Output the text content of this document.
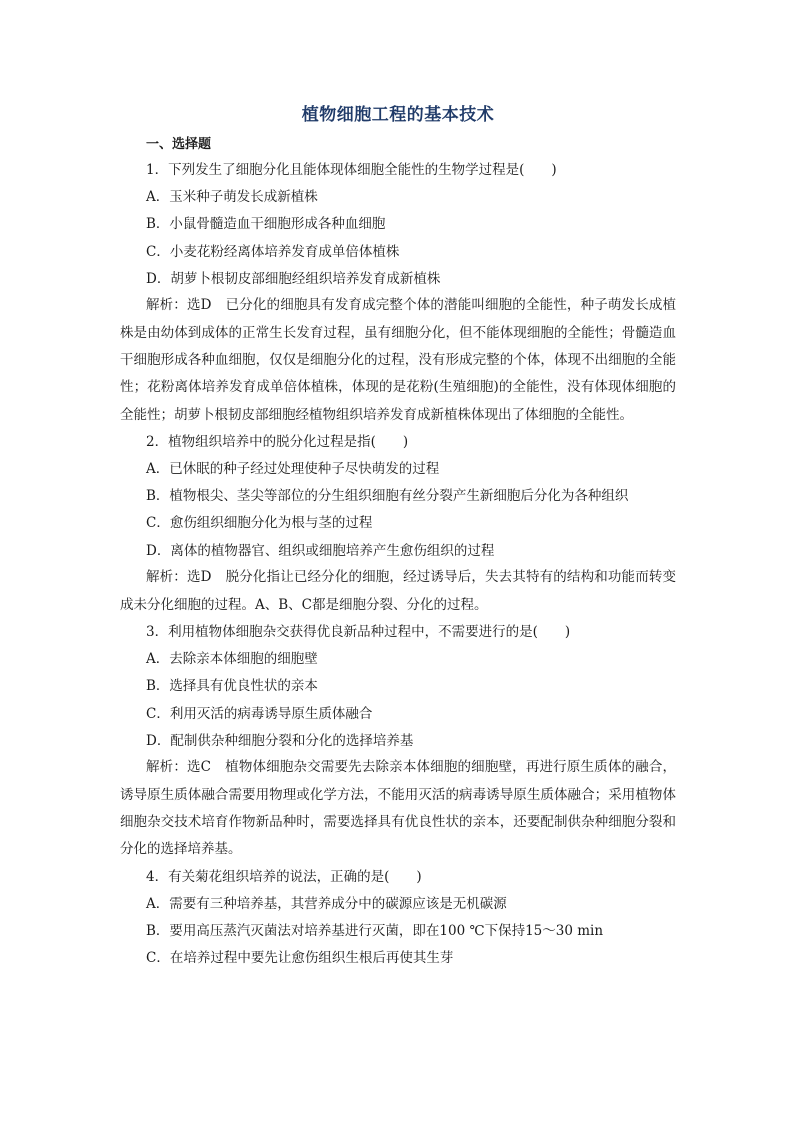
植物细胞工程的基本技术
一、选择题
1．下列发生了细胞分化且能体现体细胞全能性的生物学过程是(　　)
A．玉米种子萌发长成新植株
B．小鼠骨髓造血干细胞形成各种血细胞
C．小麦花粉经离体培养发育成单倍体植株
D．胡萝卜根韧皮部细胞经组织培养发育成新植株
解析：选D 已分化的细胞具有发育成完整个体的潜能叫细胞的全能性，种子萌发长成植株是由幼体到成体的正常生长发育过程，虽有细胞分化，但不能体现细胞的全能性；骨髓造血干细胞形成各种血细胞，仅仅是细胞分化的过程，没有形成完整的个体，体现不出细胞的全能性；花粉离体培养发育成单倍体植株，体现的是花粉(生殖细胞)的全能性，没有体现体细胞的全能性；胡萝卜根韧皮部细胞经植物组织培养发育成新植株体现出了体细胞的全能性。
2．植物组织培养中的脱分化过程是指(　　)
A．已休眠的种子经过处理使种子尽快萌发的过程
B．植物根尖、茎尖等部位的分生组织细胞有丝分裂产生新细胞后分化为各种组织
C．愈伤组织细胞分化为根与茎的过程
D．离体的植物器官、组织或细胞培养产生愈伤组织的过程
解析：选D 脱分化指让已经分化的细胞，经过诱导后，失去其特有的结构和功能而转变成未分化细胞的过程。A、B、C都是细胞分裂、分化的过程。
3．利用植物体细胞杂交获得优良新品种过程中，不需要进行的是(　　)
A．去除亲本体细胞的细胞壁
B．选择具有优良性状的亲本
C．利用灭活的病毒诱导原生质体融合
D．配制供杂种细胞分裂和分化的选择培养基
解析：选C 植物体细胞杂交需要先去除亲本体细胞的细胞壁，再进行原生质体的融合，诱导原生质体融合需要用物理或化学方法，不能用灭活的病毒诱导原生质体融合；采用植物体细胞杂交技术培育作物新品种时，需要选择具有优良性状的亲本，还要配制供杂种细胞分裂和分化的选择培养基。
4．有关菊花组织培养的说法，正确的是(　　)
A．需要有三种培养基，其营养成分中的碳源应该是无机碳源
B．要用高压蒸汽灭菌法对培养基进行灭菌，即在100 ℃下保持15～30 min
C．在培养过程中要先让愈伤组织生根后再使其生芽
